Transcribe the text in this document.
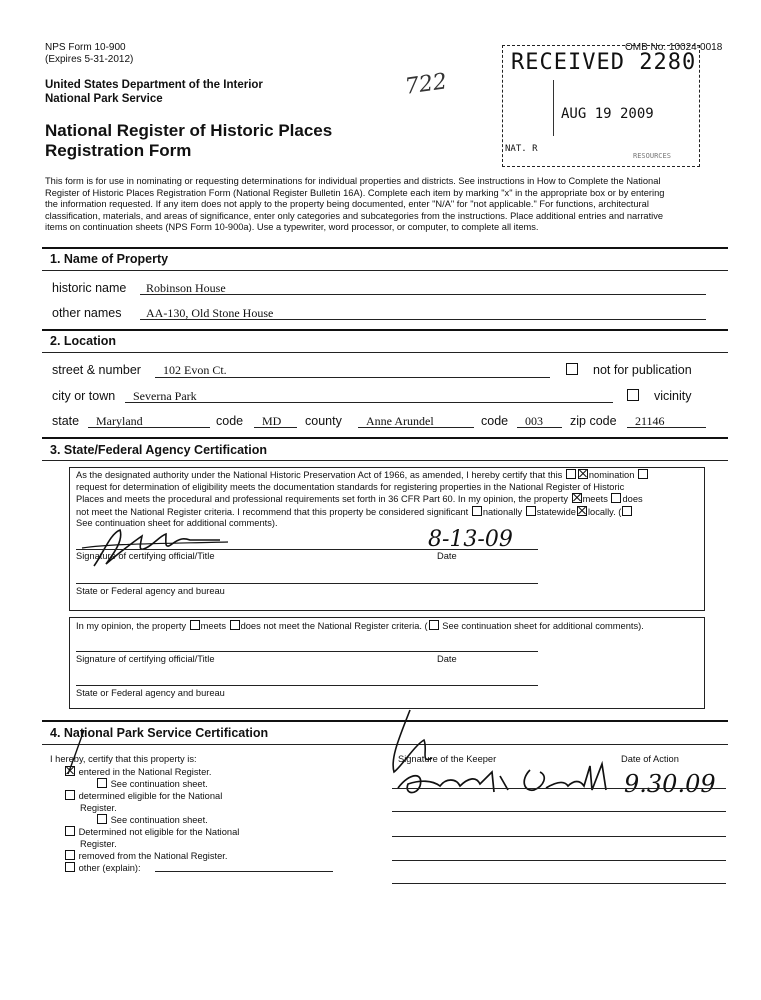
NPS Form 10-900
(Expires 5-31-2012)
OMB No. 10024-0018
United States Department of the Interior
National Park Service
National Register of Historic Places
Registration Form
722
RECEIVED 2280
AUG 19 2009
NAT. R
RESOURCES
This form is for use in nominating or requesting determinations for individual properties and districts. See instructions in How to Complete the National
Register of Historic Places Registration Form (National Register Bulletin 16A). Complete each item by marking "x" in the appropriate box or by entering
the information requested. If any item does not apply to the property being documented, enter "N/A" for "not applicable." For functions, architectural
classification, materials, and areas of significance, enter only categories and subcategories from the instructions. Place additional entries and narrative
items on continuation sheets (NPS Form 10-900a). Use a typewriter, word processor, or computer, to complete all items.
1. Name of Property
historic name Robinson House
other names AA-130, Old Stone House
2. Location
street & number 102 Evon Ct.	not for publication
city or town Severna Park	vicinity
state Maryland	code MD county Anne Arundel	code 003 zip code 21146
3. State/Federal Agency Certification
As the designated authority under the National Historic Preservation Act of 1966, as amended, I hereby certify that this	nomination
request for determination of eligibility meets the documentation standards for registering properties in the National Register of Historic
Places and meets the procedural and professional requirements set forth in 36 CFR Part 60. In my opinion, the property meets does
not meet the National Register criteria. I recommend that this property be considered significant nationally statewide locally. (
See continuation sheet for additional comments).
8-13-09
Signature of certifying official/Title	Date
State or Federal agency and bureau
In my opinion, the property meets does not meet the National Register criteria. ( See continuation sheet for additional comments).
Signature of certifying official/Title	Date
State or Federal agency and bureau
4. National Park Service Certification
I hereby, certify that this property is:
entered in the National Register.
See continuation sheet.
determined eligible for the National
Register.
See continuation sheet.
Determined not eligible for the National
Register.
removed from the National Register.
other (explain):
Signature of the Keeper	Date of Action
9.30.09
